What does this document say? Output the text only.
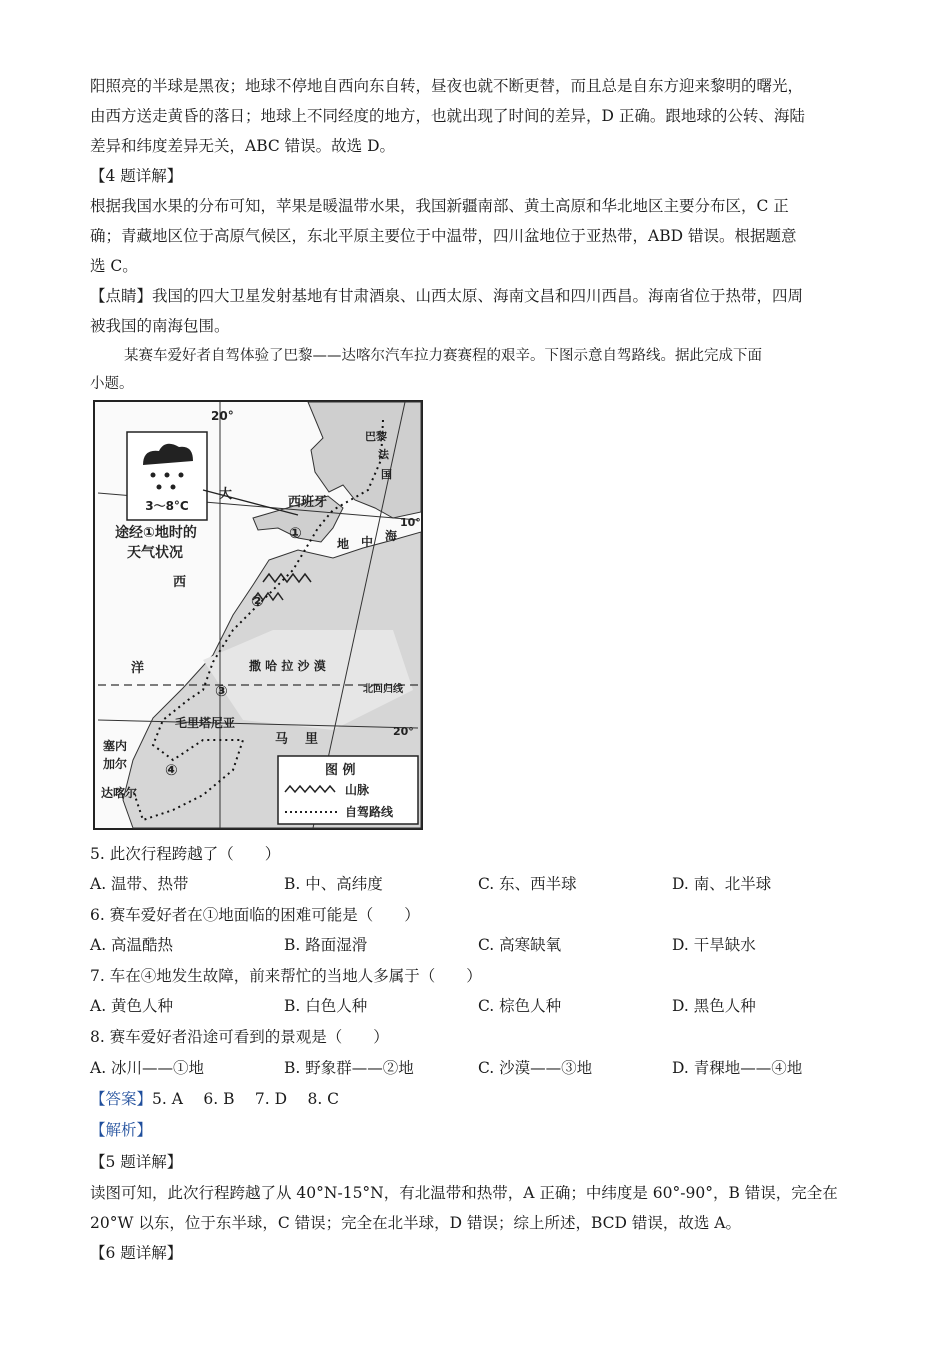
阳照亮的半球是黑夜；地球不停地自西向东自转，昼夜也就不断更替，而且总是自东方迎来黎明的曙光，
由西方送走黄昏的落日；地球上不同经度的地方，也就出现了时间的差异，D 正确。跟地球的公转、海陆
差异和纬度差异无关，ABC 错误。故选 D。
【4 题详解】
根据我国水果的分布可知，苹果是暖温带水果，我国新疆南部、黄土高原和华北地区主要分布区，C 正
确；青藏地区位于高原气候区，东北平原主要位于中温带，四川盆地位于亚热带，ABD 错误。根据题意
选 C。
【点睛】我国的四大卫星发射基地有甘肃酒泉、山西太原、海南文昌和四川西昌。海南省位于热带，四周
被我国的南海包围。
某赛车爱好者自驾体验了巴黎——达喀尔汽车拉力赛赛程的艰辛。下图示意自驾路线。据此完成下面
小题。
3～8°C
途经①地时的
天气状况
20°
10°
20°
巴黎
法
国
西班牙
大
西
洋
地 中 海
撒 哈 拉 沙 漠
北回归线
毛里塔尼亚
塞内
加尔
达喀尔
马 里
①
②
③
④	图 例
山脉
自驾路线
5. 此次行程跨越了（　　）
A. 温带、热带	B. 中、高纬度	C. 东、西半球	D. 南、北半球
6. 赛车爱好者在①地面临的困难可能是（　　）
A. 高温酷热	B. 路面湿滑	C. 高寒缺氧	D. 干旱缺水
7. 车在④地发生故障，前来帮忙的当地人多属于（　　）
A. 黄色人种	B. 白色人种	C. 棕色人种	D. 黑色人种
8. 赛车爱好者沿途可看到的景观是（　　）
A. 冰川——①地	B. 野象群——②地	C. 沙漠——③地	D. 青稞地——④地
【答案】5. A　 6. B　 7. D　 8. C
【解析】
【5 题详解】
读图可知，此次行程跨越了从 40°N-15°N，有北温带和热带，A 正确；中纬度是 60°-90°，B 错误，完全在
20°W 以东，位于东半球，C 错误；完全在北半球，D 错误；综上所述，BCD 错误，故选 A。
【6 题详解】
